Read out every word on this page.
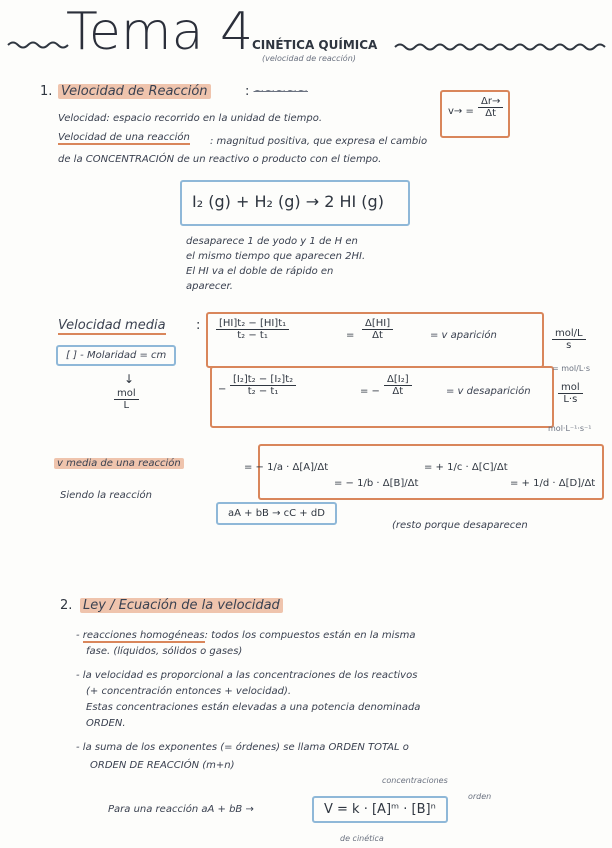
Tema 4
CINÉTICA QUÍMICA
(velocidad de reacción)
1. Velocidad de Reacción	: ~~~~~
Velocidad: espacio recorrido en la unidad de tiempo.
$v\to = \frac{\Delta r\to}{\Delta t}$
Velocidad de una reacción : magnitud positiva, que expresa el cambio
de la CONCENTRACIÓN de un reactivo o producto con el tiempo.
I₂ (g) + H₂ (g) → 2 HI (g)
desaparece 1 de yodo y 1 de H en
el mismo tiempo que aparecen 2HI.
El HI va el doble de rápido en
aparecer.
Velocidad media :
[ ] - Molaridad = cm
↓
$\frac{\text{mol}}{L}$
$\frac{\text{[HI]t₂ − [HI]t₁}}{\text{t₂ − t₁}}$	= $\frac{\Delta[HI]}{\Delta t}$	= v aparición
− $\frac{\text{[I₂]t₂ − [I₂]t₂}}{\text{t₂ − t₁}}$	= − $\frac{\text{Δ[I₂]}}{\Delta t}$	= v desaparición
$\frac{\text{mol/L}}{s}$
= mol/L·s
$\frac{\text{mol}}{L\cdot s}$
mol·L⁻¹·s⁻¹
v media de una reacción	= − 1/a · Δ[A]/Δt
= − 1/b · Δ[B]/Δt
= + 1/c · Δ[C]/Δt
= + 1/d · Δ[D]/Δt
Siendo la reacción
aA + bB → cC + dD
(resto porque desaparecen
2. Ley / Ecuación de la velocidad
- reacciones homogéneas: todos los compuestos están en la misma
fase. (líquidos, sólidos o gases)
- la velocidad es proporcional a las concentraciones de los reactivos
(+ concentración entonces + velocidad).
Estas concentraciones están elevadas a una potencia denominada
ORDEN.
- la suma de los exponentes (= órdenes) se llama ORDEN TOTAL o
ORDEN DE REACCIÓN (m+n)
concentraciones
orden
Para una reacción aA + bB →	V = k · [A]ᵐ · [B]ⁿ
de cinética
